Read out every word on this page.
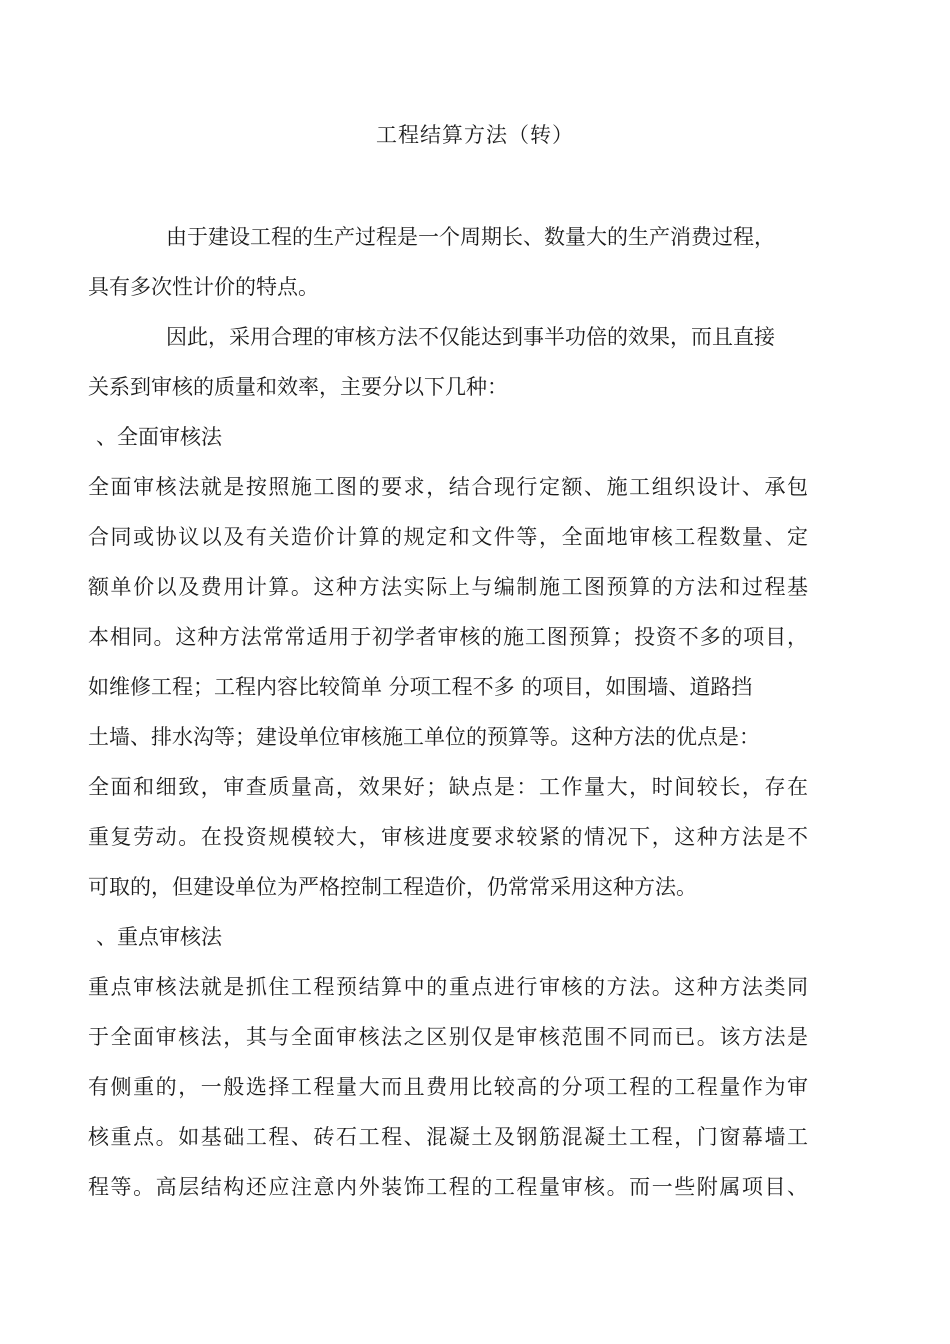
工程结算方法（转）
由于建设工程的生产过程是一个周期长、数量大的生产消费过程，
具有多次性计价的特点。
因此，采用合理的审核方法不仅能达到事半功倍的效果，而且直接
关系到审核的质量和效率，主要分以下几种：
、全面审核法
全面审核法就是按照施工图的要求，结合现行定额、施工组织设计、承包
合同或协议以及有关造价计算的规定和文件等，全面地审核工程数量、定
额单价以及费用计算。这种方法实际上与编制施工图预算的方法和过程基
本相同。这种方法常常适用于初学者审核的施工图预算；投资不多的项目，
如维修工程；工程内容比较简单 分项工程不多 的项目，如围墙、道路挡
土墙、排水沟等；建设单位审核施工单位的预算等。这种方法的优点是：
全面和细致，审查质量高，效果好；缺点是：工作量大，时间较长，存在
重复劳动。在投资规模较大，审核进度要求较紧的情况下，这种方法是不
可取的，但建设单位为严格控制工程造价，仍常常采用这种方法。
、重点审核法
重点审核法就是抓住工程预结算中的重点进行审核的方法。这种方法类同
于全面审核法，其与全面审核法之区别仅是审核范围不同而已。该方法是
有侧重的，一般选择工程量大而且费用比较高的分项工程的工程量作为审
核重点。如基础工程、砖石工程、混凝土及钢筋混凝土工程，门窗幕墙工
程等。高层结构还应注意内外装饰工程的工程量审核。而一些附属项目、
